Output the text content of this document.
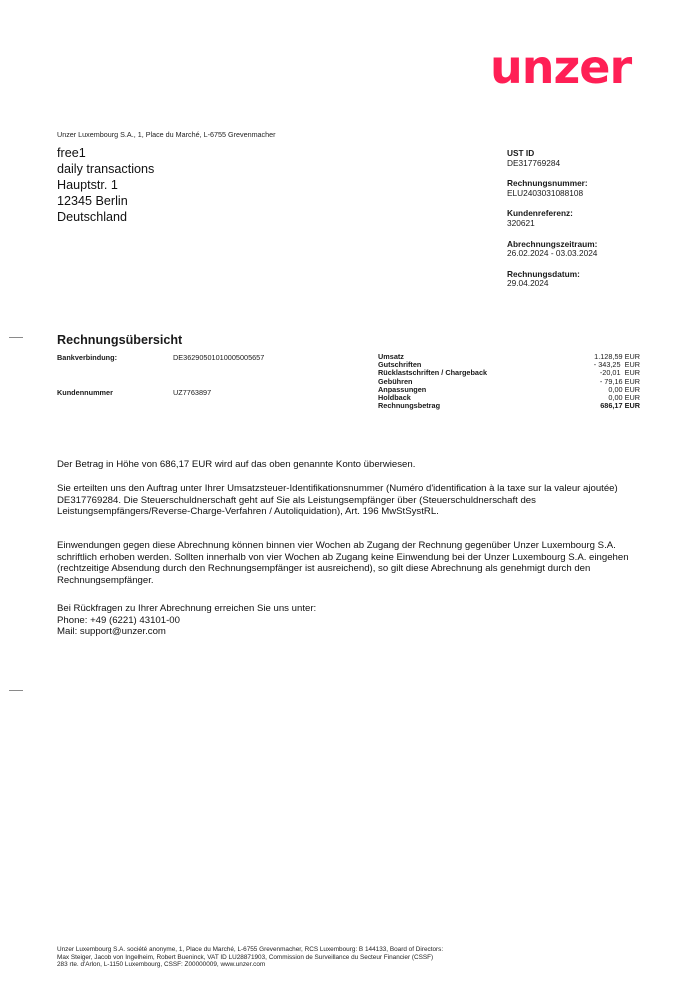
unzer
Unzer Luxembourg S.A., 1, Place du Marché, L-6755 Grevenmacher
free1
daily transactions
Hauptstr. 1
12345 Berlin
Deutschland
UST ID
DE317769284
Rechnungsnummer:
ELU2403031088108
Kundenreferenz:
320621
Abrechnungszeitraum:
26.02.2024 - 03.03.2024
Rechnungsdatum:
29.04.2024
Rechnungsübersicht
Bankverbindung:	DE36290501010005005657
Kundennummer	UZ7763897
Umsatz	1.128,59 EUR
Gutschriften	- 343,25  EUR
Rücklastschriften / Chargeback	-20,01  EUR
Gebühren	- 79,16 EUR
Anpassungen	0,00 EUR
Holdback	0,00 EUR
Rechnungsbetrag	686,17 EUR
Der Betrag in Höhe von 686,17 EUR wird auf das oben genannte Konto überwiesen.
Sie erteilten uns den Auftrag unter Ihrer Umsatzsteuer-Identifikationsnummer (Numéro d'identification à la taxe sur la valeur ajoutée) DE317769284. Die Steuerschuldnerschaft geht auf Sie als Leistungsempfänger über (Steuerschuldnerschaft des Leistungsempfängers/Reverse-Charge-Verfahren / Autoliquidation), Art. 196 MwStSystRL.
Einwendungen gegen diese Abrechnung können binnen vier Wochen ab Zugang der Rechnung gegenüber Unzer Luxembourg S.A. schriftlich erhoben werden. Sollten innerhalb von vier Wochen ab Zugang keine Einwendung bei der Unzer Luxembourg S.A. eingehen (rechtzeitige Absendung durch den Rechnungsempfänger ist ausreichend), so gilt diese Abrechnung als genehmigt durch den Rechnungsempfänger.
Bei Rückfragen zu Ihrer Abrechnung erreichen Sie uns unter:
Phone: +49 (6221) 43101-00
Mail: support@unzer.com
Unzer Luxembourg S.A. société anonyme, 1, Place du Marché, L-6755 Grevenmacher, RCS Luxembourg: B 144133, Board of Directors:
Max Steiger, Jacob von Ingelheim, Robert Bueninck, VAT ID LU28871903, Commission de Surveillance du Secteur Financier (CSSF)
283 rte. d'Arlon, L-1150 Luxembourg, CSSF: Z00000009, www.unzer.com
